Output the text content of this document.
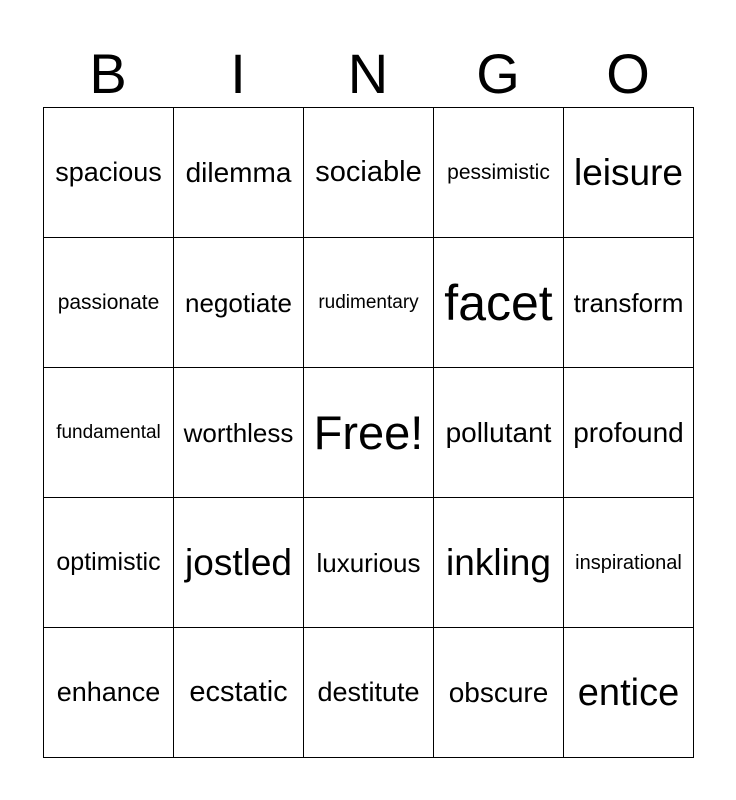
B	I	N	G	O
spacious dilemma sociable pessimistic leisure
passionate negotiate rudimentary facet transform
fundamental worthless Free! pollutant profound
optimistic jostled luxurious inkling inspirational
enhance ecstatic destitute obscure entice
